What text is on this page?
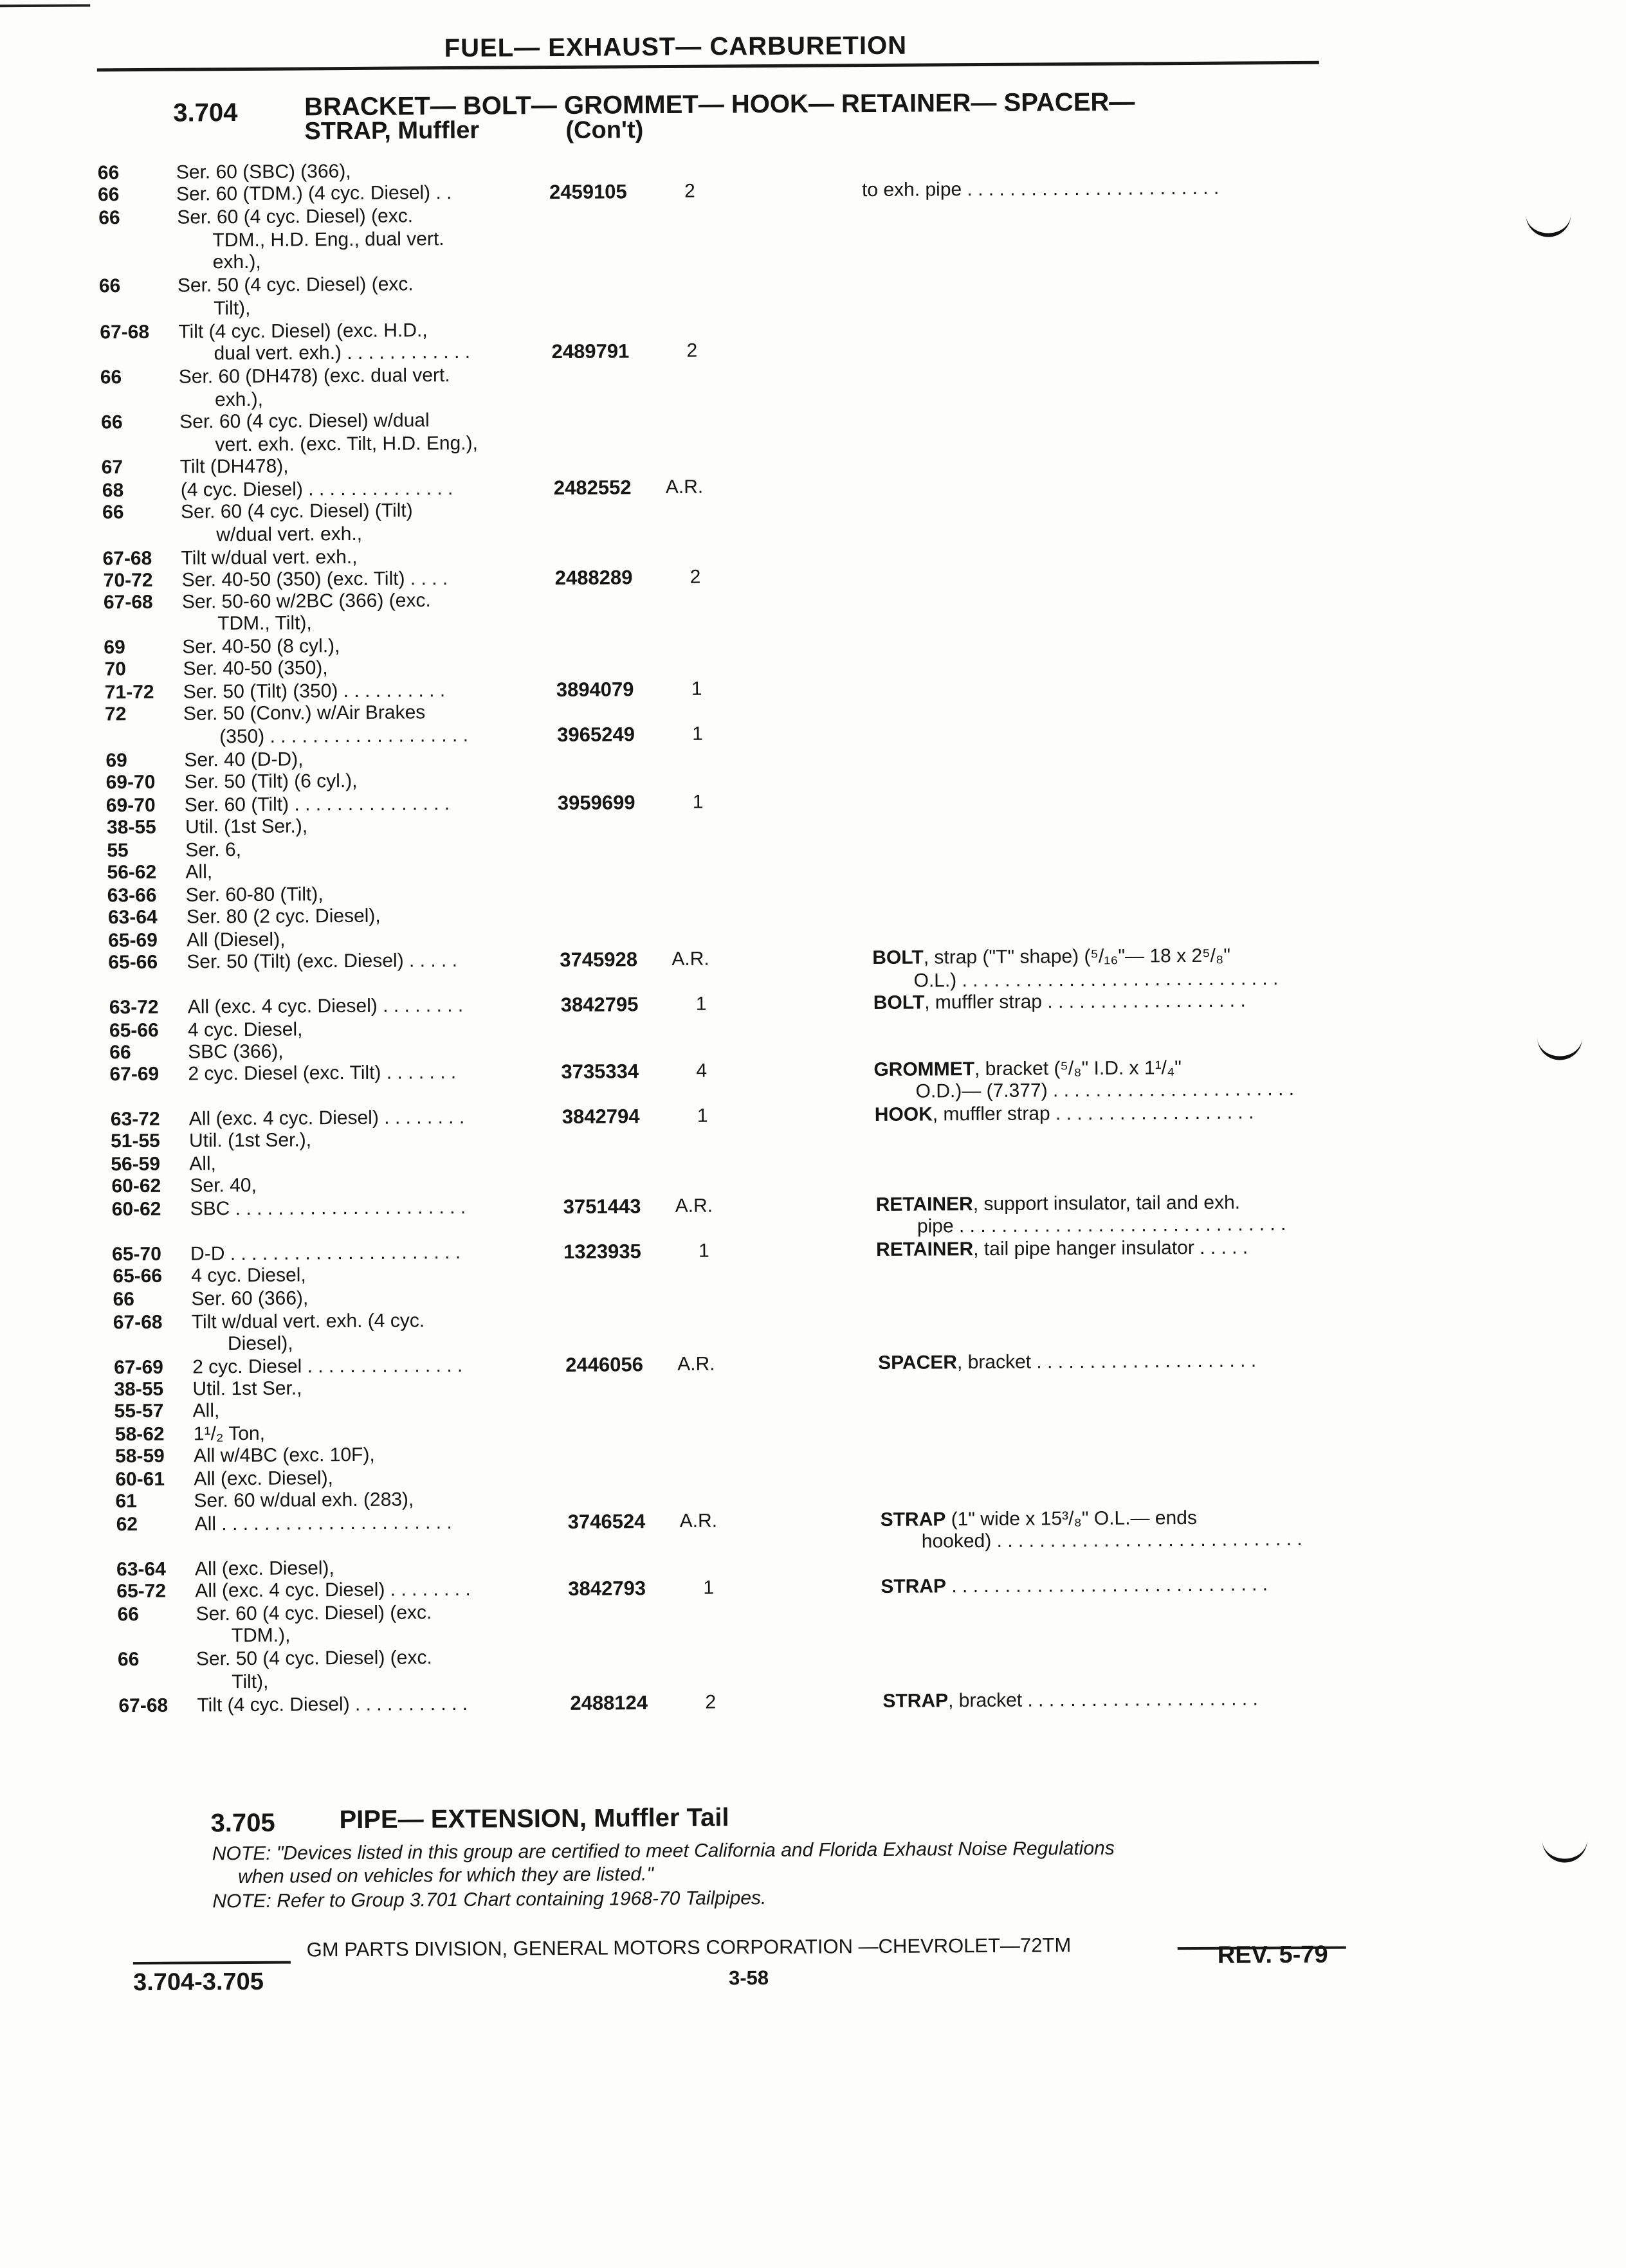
FUEL— EXHAUST— CARBURETION
3.704	BRACKET— BOLT— GROMMET— HOOK— RETAINER— SPACER—
STRAP, Muffler	(Con't)
66	Ser. 60 (SBC) (366),
66	Ser. 60 (TDM.) (4 cyc. Diesel) . .	2459105	2	to exh. pipe . . . . . . . . . . . . . . . . . . . . . . . .
66	Ser. 60 (4 cyc. Diesel) (exc.
TDM., H.D. Eng., dual vert.
exh.),
66	Ser. 50 (4 cyc. Diesel) (exc.
Tilt),
67-68 Tilt (4 cyc. Diesel) (exc. H.D.,
dual vert. exh.) . . . . . . . . . . . .	2489791	2
66	Ser. 60 (DH478) (exc. dual vert.
exh.),
66	Ser. 60 (4 cyc. Diesel) w/dual
vert. exh. (exc. Tilt, H.D. Eng.),
67	Tilt (DH478),
68	(4 cyc. Diesel) . . . . . . . . . . . . . .	2482552 A.R.
66	Ser. 60 (4 cyc. Diesel) (Tilt)
w/dual vert. exh.,
67-68 Tilt w/dual vert. exh.,
70-72 Ser. 40-50 (350) (exc. Tilt) . . . .	2488289	2
67-68 Ser. 50-60 w/2BC (366) (exc.
TDM., Tilt),
69	Ser. 40-50 (8 cyl.),
70	Ser. 40-50 (350),
71-72 Ser. 50 (Tilt) (350) . . . . . . . . . .	3894079	1
72	Ser. 50 (Conv.) w/Air Brakes
(350) . . . . . . . . . . . . . . . . . . .	3965249	1
69	Ser. 40 (D-D),
69-70 Ser. 50 (Tilt) (6 cyl.),
69-70 Ser. 60 (Tilt) . . . . . . . . . . . . . . .	3959699	1
38-55 Util. (1st Ser.),
55	Ser. 6,
56-62 All,
63-66 Ser. 60-80 (Tilt),
63-64 Ser. 80 (2 cyc. Diesel),
65-69 All (Diesel),
65-66 Ser. 50 (Tilt) (exc. Diesel) . . . . .	3745928 A.R.	BOLT, strap ("T" shape) (⁵/₁₆"— 18 x 2⁵/₈"
O.L.) . . . . . . . . . . . . . . . . . . . . . . . . . . . . . .
63-72 All (exc. 4 cyc. Diesel) . . . . . . . .	3842795	1	BOLT, muffler strap . . . . . . . . . . . . . . . . . . .
65-66 4 cyc. Diesel,
66	SBC (366),
67-69 2 cyc. Diesel (exc. Tilt) . . . . . . .	3735334	4	GROMMET, bracket (⁵/₈" I.D. x 1¹/₄"
O.D.)— (7.377) . . . . . . . . . . . . . . . . . . . . . . .
63-72 All (exc. 4 cyc. Diesel) . . . . . . . .	3842794	1	HOOK, muffler strap . . . . . . . . . . . . . . . . . . .
51-55 Util. (1st Ser.),
56-59 All,
60-62 Ser. 40,
60-62 SBC . . . . . . . . . . . . . . . . . . . . . .	3751443 A.R.	RETAINER, support insulator, tail and exh.
pipe . . . . . . . . . . . . . . . . . . . . . . . . . . . . . . .
65-70 D-D . . . . . . . . . . . . . . . . . . . . . .	1323935	1	RETAINER, tail pipe hanger insulator . . . . .
65-66 4 cyc. Diesel,
66	Ser. 60 (366),
67-68 Tilt w/dual vert. exh. (4 cyc.
Diesel),
67-69 2 cyc. Diesel . . . . . . . . . . . . . . .	2446056 A.R.	SPACER, bracket . . . . . . . . . . . . . . . . . . . . .
38-55 Util. 1st Ser.,
55-57 All,
58-62 1¹/₂ Ton,
58-59 All w/4BC (exc. 10F),
60-61 All (exc. Diesel),
61	Ser. 60 w/dual exh. (283),
62	All . . . . . . . . . . . . . . . . . . . . . .	3746524 A.R.	STRAP (1" wide x 15³/₈" O.L.— ends
hooked) . . . . . . . . . . . . . . . . . . . . . . . . . . . . .
63-64 All (exc. Diesel),
65-72 All (exc. 4 cyc. Diesel) . . . . . . . .	3842793	1	STRAP . . . . . . . . . . . . . . . . . . . . . . . . . . . . . .
66	Ser. 60 (4 cyc. Diesel) (exc.
TDM.),
66	Ser. 50 (4 cyc. Diesel) (exc.
Tilt),
67-68 Tilt (4 cyc. Diesel) . . . . . . . . . . .	2488124	2	STRAP, bracket . . . . . . . . . . . . . . . . . . . . . .
3.705 PIPE— EXTENSION, Muffler Tail
NOTE: "Devices listed in this group are certified to meet California and Florida Exhaust Noise Regulations
when used on vehicles for which they are listed."
NOTE: Refer to Group 3.701 Chart containing 1968-70 Tailpipes.
GM PARTS DIVISION, GENERAL MOTORS CORPORATION —CHEVROLET—72TM
3.704-3.705	3-58
REV. 5-79
